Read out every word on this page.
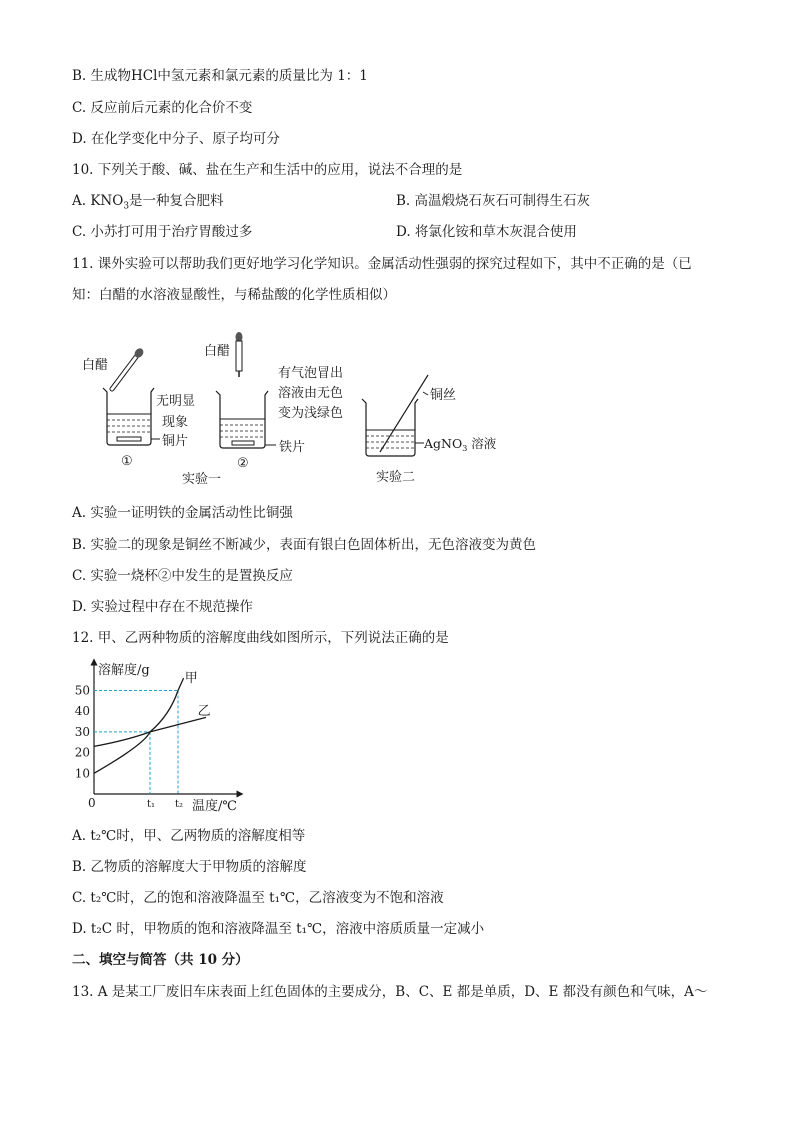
B. 生成物HCl中氢元素和氯元素的质量比为 1：1
C. 反应前后元素的化合价不变
D. 在化学变化中分子、原子均可分
10. 下列关于酸、碱、盐在生产和生活中的应用，说法不合理的是
A. $KNO_3$是一种复合肥料	B. 高温煅烧石灰石可制得生石灰
C. 小苏打可用于治疗胃酸过多	D. 将氯化铵和草木灰混合使用
11. 课外实验可以帮助我们更好地学习化学知识。金属活动性强弱的探究过程如下，其中不正确的是（已
知：白醋的水溶液显酸性，与稀盐酸的化学性质相似）
白醋
无明显
现象
铜片
①
白醋
有气泡冒出
溶液由无色
变为浅绿色
铁片
②
实验一
铜丝
AgNO$_3$ 溶液
实验二
A. 实验一证明铁的金属活动性比铜强
B. 实验二的现象是铜丝不断减少，表面有银白色固体析出，无色溶液变为黄色
C. 实验一烧杯②中发生的是置换反应
D. 实验过程中存在不规范操作
12. 甲、乙两种物质的溶解度曲线如图所示，下列说法正确的是
溶解度/g
温度/℃
0
10
20
30
40
50
t₁ t₂
甲
乙
A. t₂℃时，甲、乙两物质的溶解度相等
B. 乙物质的溶解度大于甲物质的溶解度
C. t₂℃时，乙的饱和溶液降温至 t₁℃，乙溶液变为不饱和溶液
D. t₂C 时，甲物质的饱和溶液降温至 t₁℃，溶液中溶质质量一定减小
二、填空与简答（共 10 分）
13. A 是某工厂废旧车床表面上红色固体的主要成分，B、C、E 都是单质，D、E 都没有颜色和气味，A～
